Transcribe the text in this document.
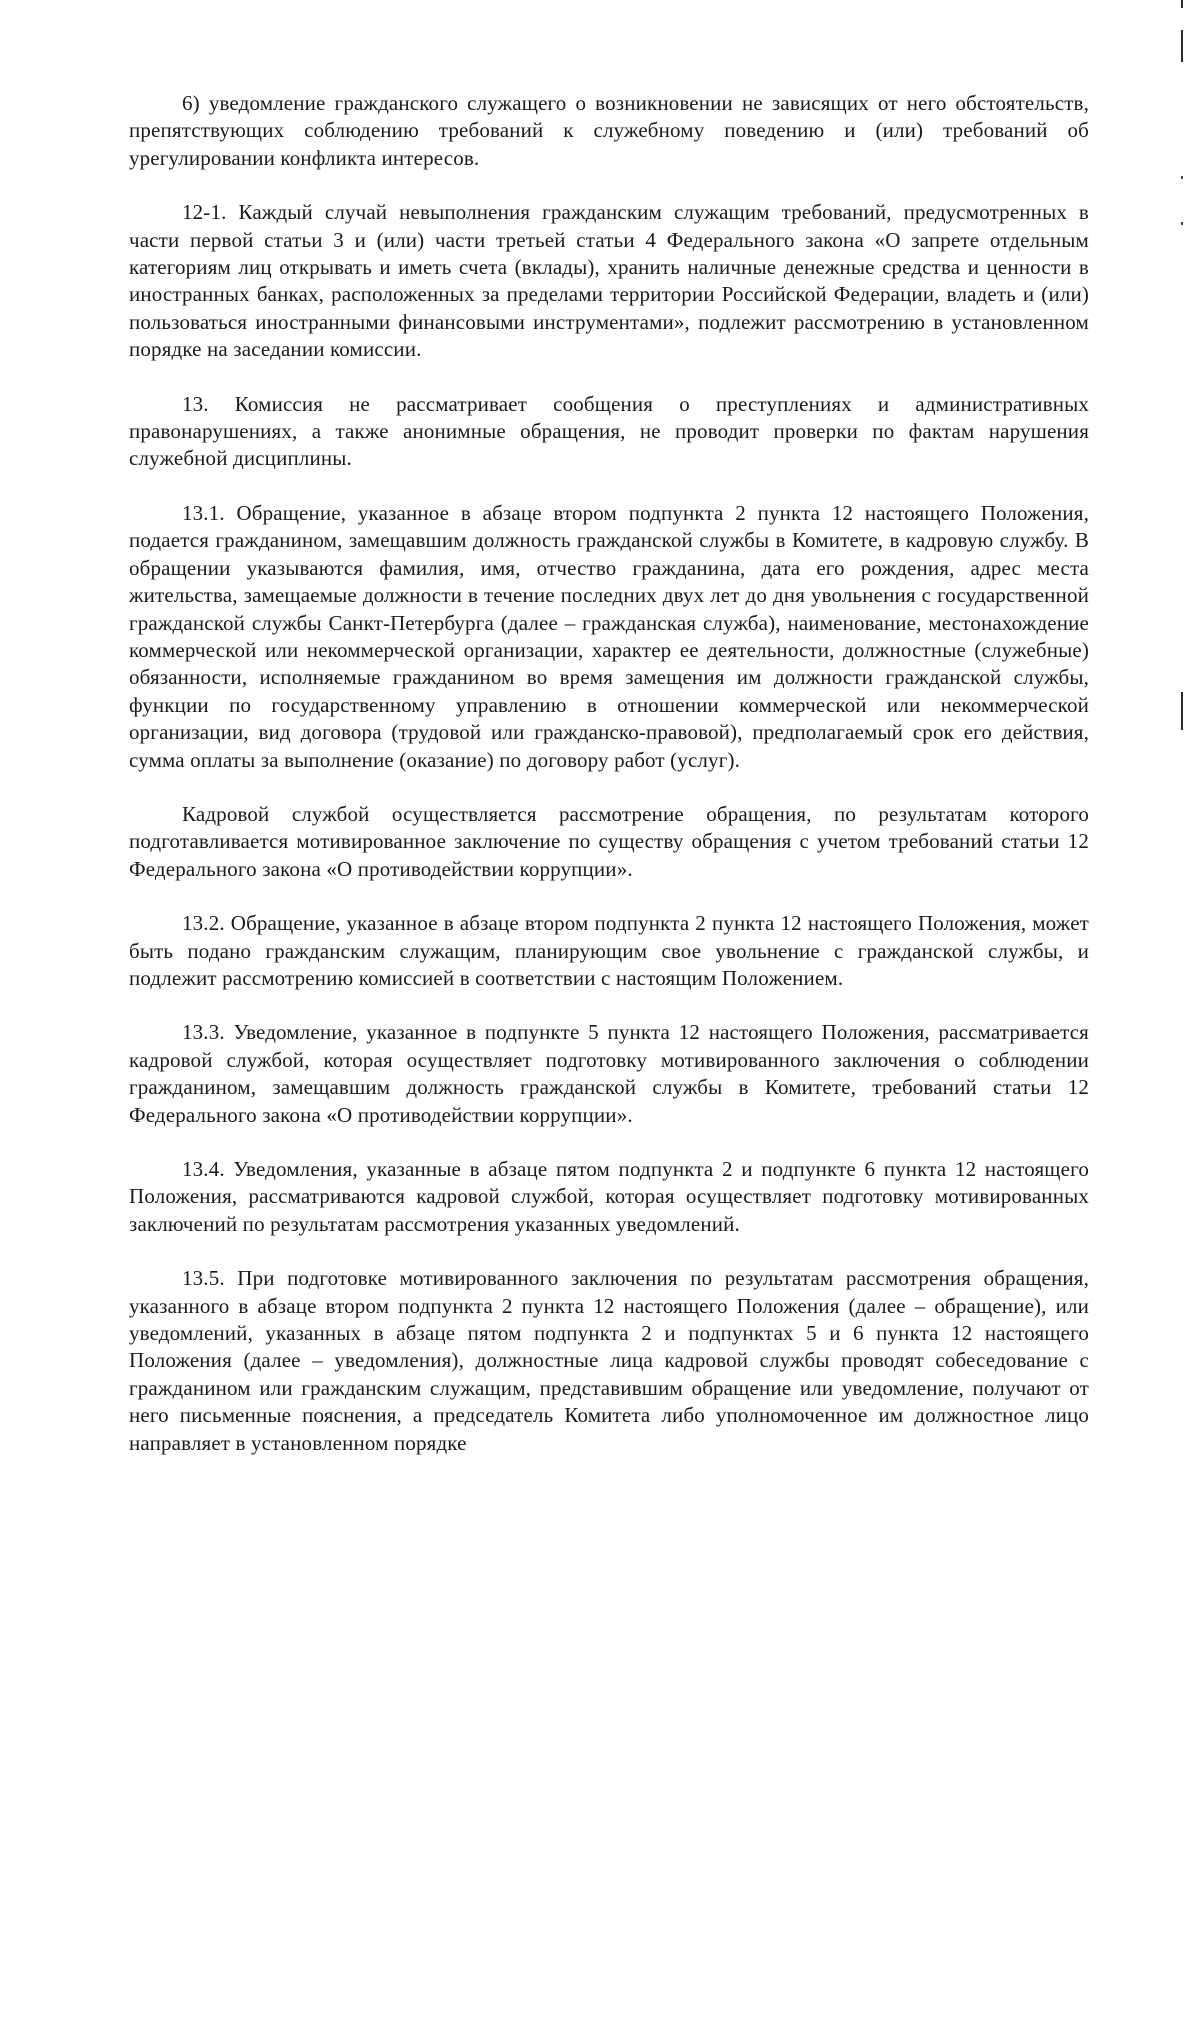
6) уведомление гражданского служащего о возникновении не зависящих от него обстоятельств, препятствующих соблюдению требований к служебному поведению и (или) требований об урегулировании конфликта интересов.

12-1. Каждый случай невыполнения гражданским служащим требований, предусмотренных в части первой статьи 3 и (или) части третьей статьи 4 Федерального закона «О запрете отдельным категориям лиц открывать и иметь счета (вклады), хранить наличные денежные средства и ценности в иностранных банках, расположенных за пределами территории Российской Федерации, владеть и (или) пользоваться иностранными финансовыми инструментами», подлежит рассмотрению в установленном порядке на заседании комиссии.

13. Комиссия не рассматривает сообщения о преступлениях и административных правонарушениях, а также анонимные обращения, не проводит проверки по фактам нарушения служебной дисциплины.

13.1. Обращение, указанное в абзаце втором подпункта 2 пункта 12 настоящего Положения, подается гражданином, замещавшим должность гражданской службы в Комитете, в кадровую службу. В обращении указываются фамилия, имя, отчество гражданина, дата его рождения, адрес места жительства, замещаемые должности в течение последних двух лет до дня увольнения с государственной гражданской службы Санкт-Петербурга (далее – гражданская служба), наименование, местонахождение коммерческой или некоммерческой организации, характер ее деятельности, должностные (служебные) обязанности, исполняемые гражданином во время замещения им должности гражданской службы, функции по государственному управлению в отношении коммерческой или некоммерческой организации, вид договора (трудовой или гражданско-правовой), предполагаемый срок его действия, сумма оплаты за выполнение (оказание) по договору работ (услуг).

Кадровой службой осуществляется рассмотрение обращения, по результатам которого подготавливается мотивированное заключение по существу обращения с учетом требований статьи 12 Федерального закона «О противодействии коррупции».

13.2. Обращение, указанное в абзаце втором подпункта 2 пункта 12 настоящего Положения, может быть подано гражданским служащим, планирующим свое увольнение с гражданской службы, и подлежит рассмотрению комиссией в соответствии с настоящим Положением.

13.3. Уведомление, указанное в подпункте 5 пункта 12 настоящего Положения, рассматривается кадровой службой, которая осуществляет подготовку мотивированного заключения о соблюдении гражданином, замещавшим должность гражданской службы в Комитете, требований статьи 12 Федерального закона «О противодействии коррупции».

13.4. Уведомления, указанные в абзаце пятом подпункта 2 и подпункте 6 пункта 12 настоящего Положения, рассматриваются кадровой службой, которая осуществляет подготовку мотивированных заключений по результатам рассмотрения указанных уведомлений.

13.5. При подготовке мотивированного заключения по результатам рассмотрения обращения, указанного в абзаце втором подпункта 2 пункта 12 настоящего Положения (далее – обращение), или уведомлений, указанных в абзаце пятом подпункта 2 и подпунктах 5 и 6 пункта 12 настоящего Положения (далее – уведомления), должностные лица кадровой службы проводят собеседование с гражданином или гражданским служащим, представившим обращение или уведомление, получают от него письменные пояснения, а председатель Комитета либо уполномоченное им должностное лицо направляет в установленном порядке
